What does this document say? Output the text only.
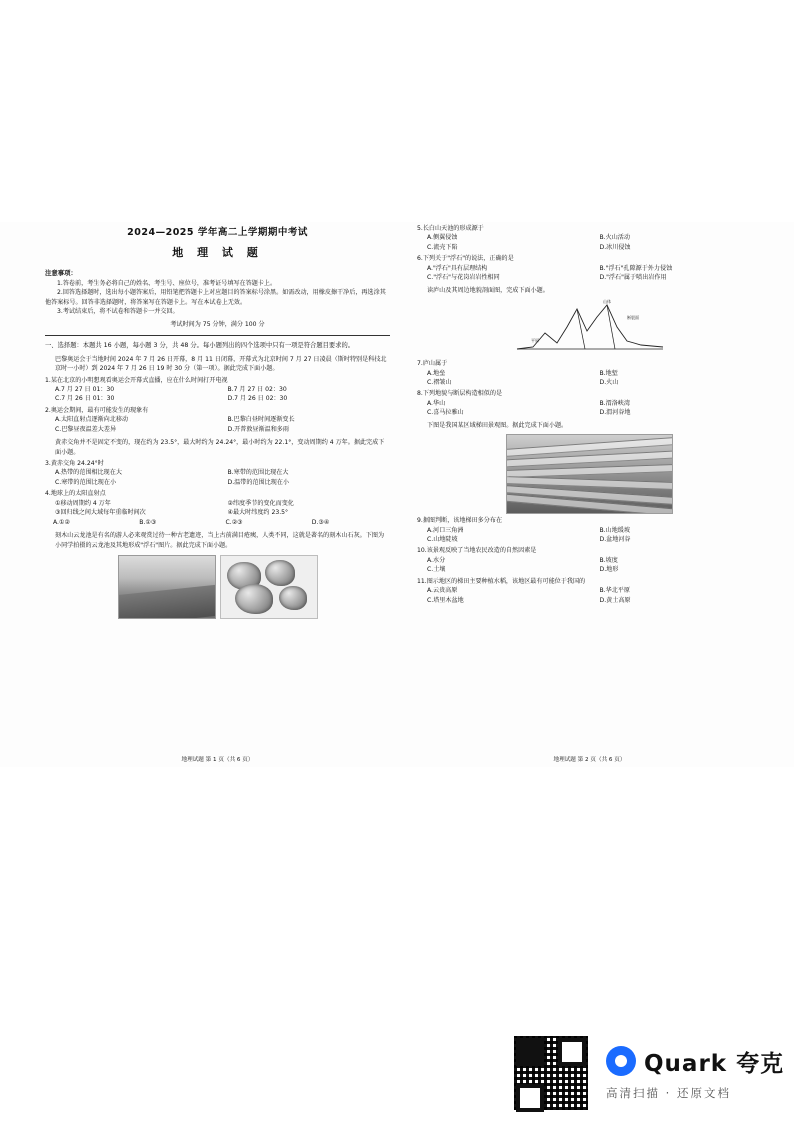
2024—2025 学年高二上学期期中考试
地 理 试 题
注意事项：
1.答卷前，考生务必将自己的姓名、考生号、座位号，准考证号填写在答题卡上。
2.回答选择题时，选出每小题答案后，用铅笔把答题卡上对应题目的答案标号涂黑。如需改动，用橡皮擦干净后，再选涂其他答案标号。回答非选择题时，将答案写在答题卡上。写在本试卷上无效。
3.考试结束后，将不试卷和答题卡一并交回。
考试时间为 75 分钟，满分 100 分
一、选择题：本题共 16 小题，每小题 3 分，共 48 分。每小题列出的四个选项中只有一项是符合题目要求的。
巴黎奥运会于当地时间 2024 年 7 月 26 日开幕，8 月 11 日闭幕，开幕式为北京时间 7 月 27 日凌晨（斯时特别是科技北京时一小时）到 2024 年 7 月 26 日 19 时 30 分（第一项）。据此完成下面小题。
1.某在北京的小明想观看奥运会开幕式直播，应在什么时间打开电视
A.7 月 27 日 01：30	B.7 月 27 日 02：30
C.7 月 26 日 01：30	D.7 月 26 日 02：30
2.奥运会期间，最有可能发生的现象有
A.太阳直射点逐渐向北移动	B.巴黎白昼时间逐渐变长
C.巴黎昼夜温差大差异	D.开普敦昼渐温和多雨
黄赤交角并不是固定不变的，现在约为 23.5°，最大时约为 24.24°，最小时约为 22.1°，变动周期约 4 万年。据此完成下面小题。
3.黄赤交角 24.24°时
A.热带的范围相比现在大	B.寒带的范围比现在大
C.寒带的范围比现在小	D.温带的范围比现在小
4.地球上的太阳直射点
①移动周期约 4 万年	②纬度季节的变化而变化
③回归线之间大域每年重临时间次	④最大时纬度约 23.5°
A.①②	B.①③	C.②③	D.③④
刻木山云龙池是有名的游人必来观赏过待一种古老遗迹，当上古前满目疮痍，人类不同，这就是著名的刻木山石灰。下图为小同学拍摄的云龙池及其地形成"浮石"图片。据此完成下面小题。
地理试题 第 1 页（共 6 页）
5.长白山天池的形成源于
A.侧翼侵蚀	B.火山活动
C.流壳下陷	D.冰川侵蚀
6.下列关于"浮石"的说法，正确的是
A."浮石"具有层理结构	B."浮石"孔隙源于外力侵蚀
C."浮石"与花岗岩岩性相同	D."浮石"属于喷出岩作用
读庐山及其周边地貌剖面图，完成下面小题。
山体
断裂面
平原
7.庐山属于
A.地垒	B.地堑
C.褶皱山	D.火山
8.下列地貌与断层构造相似的是
A.华山	B.渭洛峡湾
C.喜马拉雅山	D.渭河谷地
下图是我国某区域梯田景观图。据此完成下面小题。
9.据图判断，该地梯田多分布在
A.河口三角洲	B.山地缓坡
C.山地陡坡	D.盆地河谷
10.该景观反映了当地农民改造的自然因素是
A.水分	B.坡度
C.土壤	D.地形
11.图示地区的梯田主要种植水稻，该地区最有可能位于我国的
A.云贵高原	B.华北平原
C.塔里木盆地	D.黄土高原
地理试题 第 2 页（共 6 页）
Quark 夸克
高清扫描 · 还原文档
